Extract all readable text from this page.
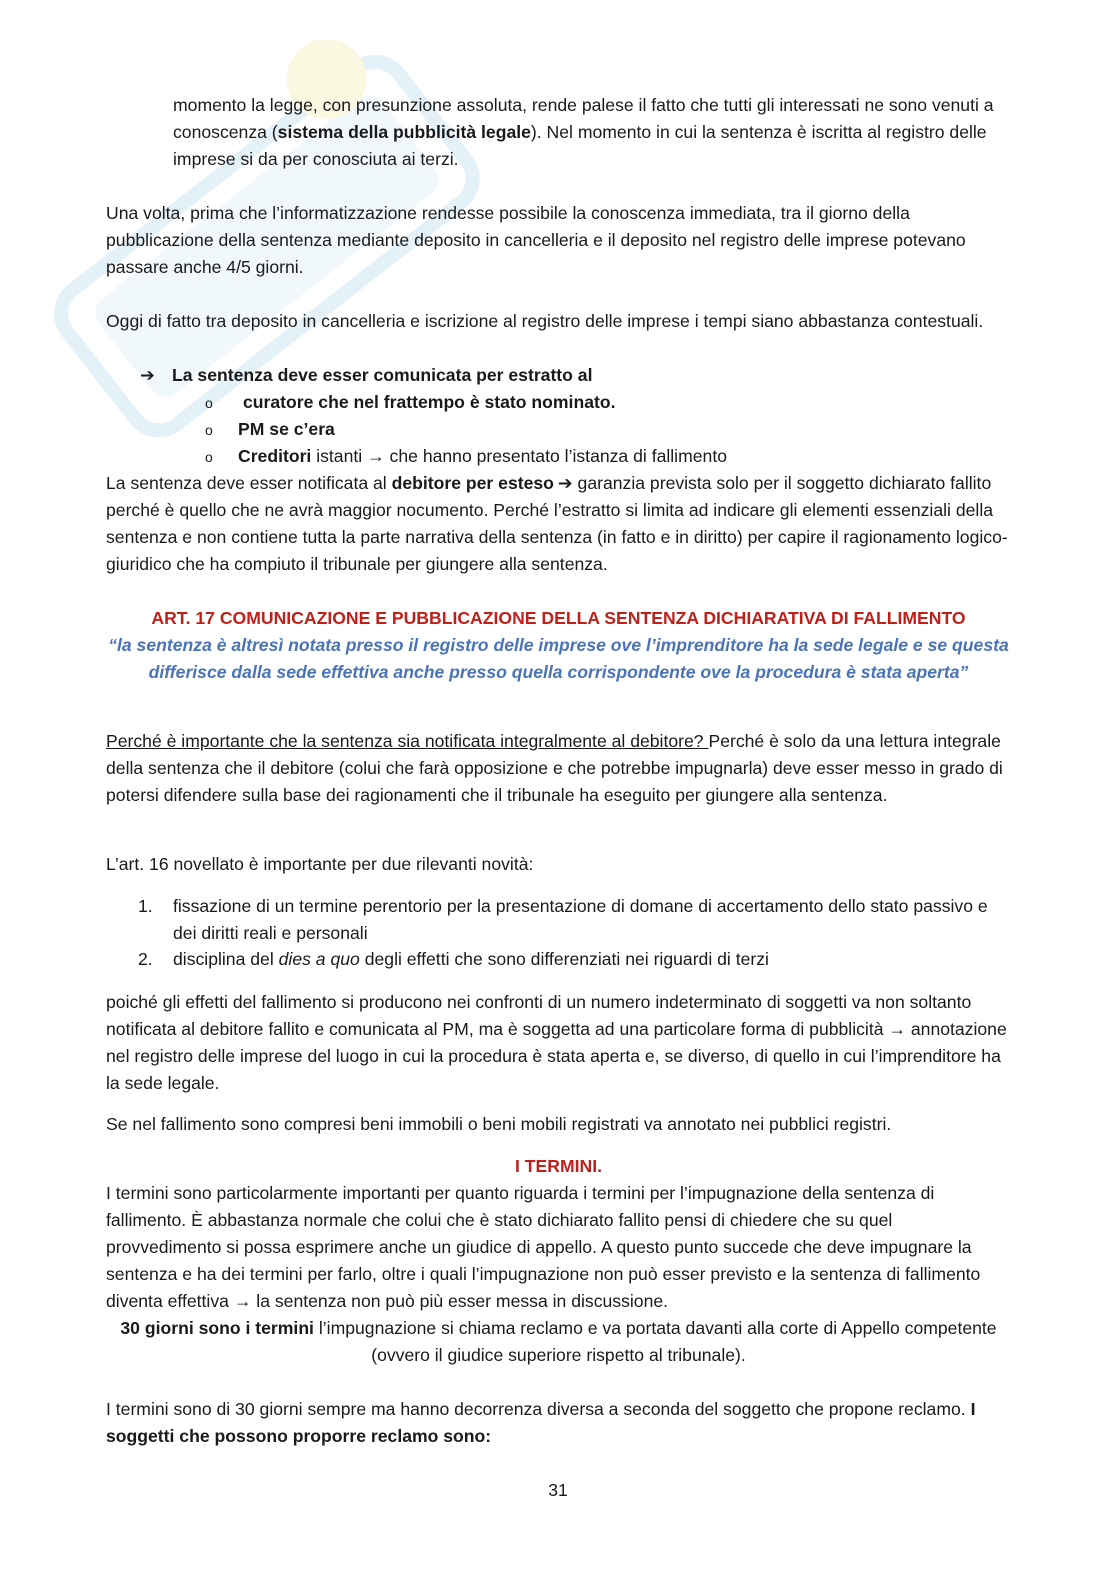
momento la legge, con presunzione assoluta, rende palese il fatto che tutti gli interessati ne sono venuti a conoscenza (sistema della pubblicità legale). Nel momento in cui la sentenza è iscritta al registro delle imprese si da per conosciuta ai terzi.

Una volta, prima che l’informatizzazione rendesse possibile la conoscenza immediata, tra il giorno della pubblicazione della sentenza mediante deposito in cancelleria e il deposito nel registro delle imprese potevano passare anche 4/5 giorni.

Oggi di fatto tra deposito in cancelleria e iscrizione al registro delle imprese i tempi siano abbastanza contestuali.

➔ La sentenza deve esser comunicata per estratto al
o curatore che nel frattempo è stato nominato.
o PM se c’era
o Creditori istanti → che hanno presentato l’istanza di fallimento

La sentenza deve esser notificata al debitore per esteso ➔ garanzia prevista solo per il soggetto dichiarato fallito perché è quello che ne avrà maggior nocumento. Perché l’estratto si limita ad indicare gli elementi essenziali della sentenza e non contiene tutta la parte narrativa della sentenza (in fatto e in diritto) per capire il ragionamento logico-giuridico che ha compiuto il tribunale per giungere alla sentenza.

ART. 17 COMUNICAZIONE E PUBBLICAZIONE DELLA SENTENZA DICHIARATIVA DI FALLIMENTO
“la sentenza è altresì notata presso il registro delle imprese ove l’imprenditore ha la sede legale e se questa differisce dalla sede effettiva anche presso quella corrispondente ove la procedura è stata aperta”

Perché è importante che la sentenza sia notificata integralmente al debitore? Perché è solo da una lettura integrale della sentenza che il debitore (colui che farà opposizione e che potrebbe impugnarla) deve esser messo in grado di potersi difendere sulla base dei ragionamenti che il tribunale ha eseguito per giungere alla sentenza.

L’art. 16 novellato è importante per due rilevanti novità:

1. fissazione di un termine perentorio per la presentazione di domane di accertamento dello stato passivo e dei diritti reali e personali
2. disciplina del dies a quo degli effetti che sono differenziati nei riguardi di terzi

poiché gli effetti del fallimento si producono nei confronti di un numero indeterminato di soggetti va non soltanto notificata al debitore fallito e comunicata al PM, ma è soggetta ad una particolare forma di pubblicità → annotazione nel registro delle imprese del luogo in cui la procedura è stata aperta e, se diverso, di quello in cui l’imprenditore ha la sede legale.

Se nel fallimento sono compresi beni immobili o beni mobili registrati va annotato nei pubblici registri.

I TERMINI.

I termini sono particolarmente importanti per quanto riguarda i termini per l’impugnazione della sentenza di fallimento. È abbastanza normale che colui che è stato dichiarato fallito pensi di chiedere che su quel provvedimento si possa esprimere anche un giudice di appello. A questo punto succede che deve impugnare la sentenza e ha dei termini per farlo, oltre i quali l’impugnazione non può esser previsto e la sentenza di fallimento diventa effettiva → la sentenza non può più esser messa in discussione.

30 giorni sono i termini l’impugnazione si chiama reclamo e va portata davanti alla corte di Appello competente (ovvero il giudice superiore rispetto al tribunale).

I termini sono di 30 giorni sempre ma hanno decorrenza diversa a seconda del soggetto che propone reclamo. I soggetti che possono proporre reclamo sono:

31
